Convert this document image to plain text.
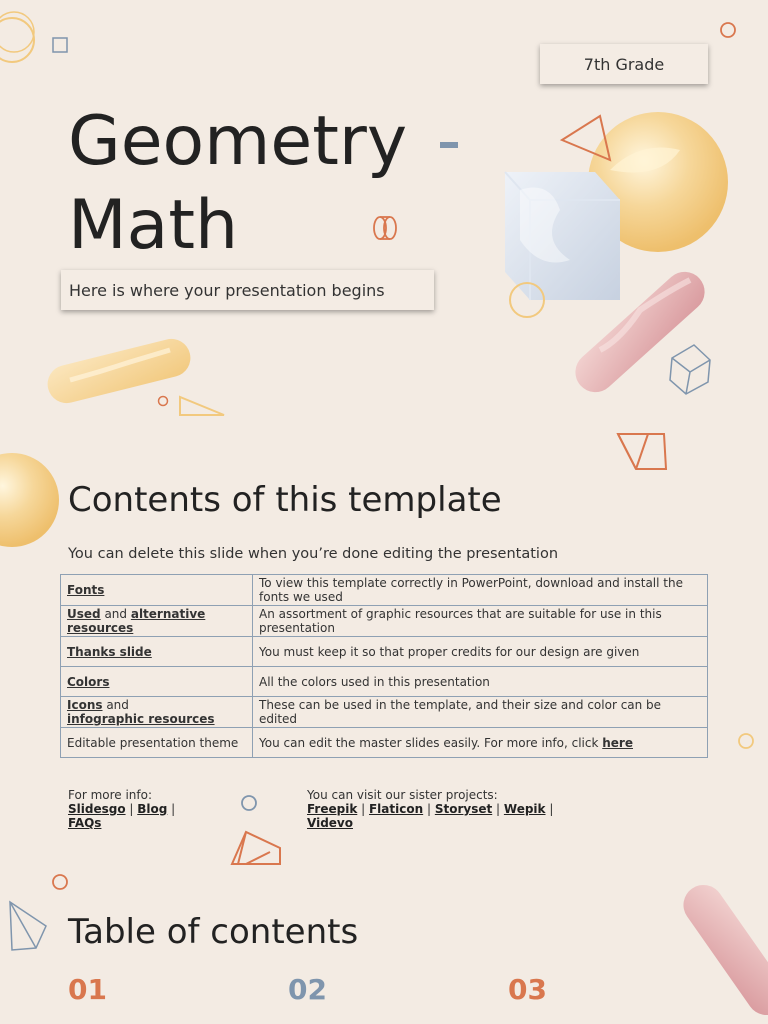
7th Grade
Geometry
Math
Here is where your presentation begins
Contents of this template
You can delete this slide when you’re done editing the presentation
Fonts	To view this template correctly in PowerPoint, download and install the fonts we used
Used and alternative resources	An assortment of graphic resources that are suitable for use in this presentation
Thanks slide	You must keep it so that proper credits for our design are given
Colors	All the colors used in this presentation
Icons and
infographic resources	These can be used in the template, and their size and color can be edited
Editable presentation theme	You can edit the master slides easily. For more info, click here
For more info:
Slidesgo | Blog |
FAQs
You can visit our sister projects:
Freepik | Flaticon | Storyset | Wepik |
Videvo
Table of contents
01	02	03
